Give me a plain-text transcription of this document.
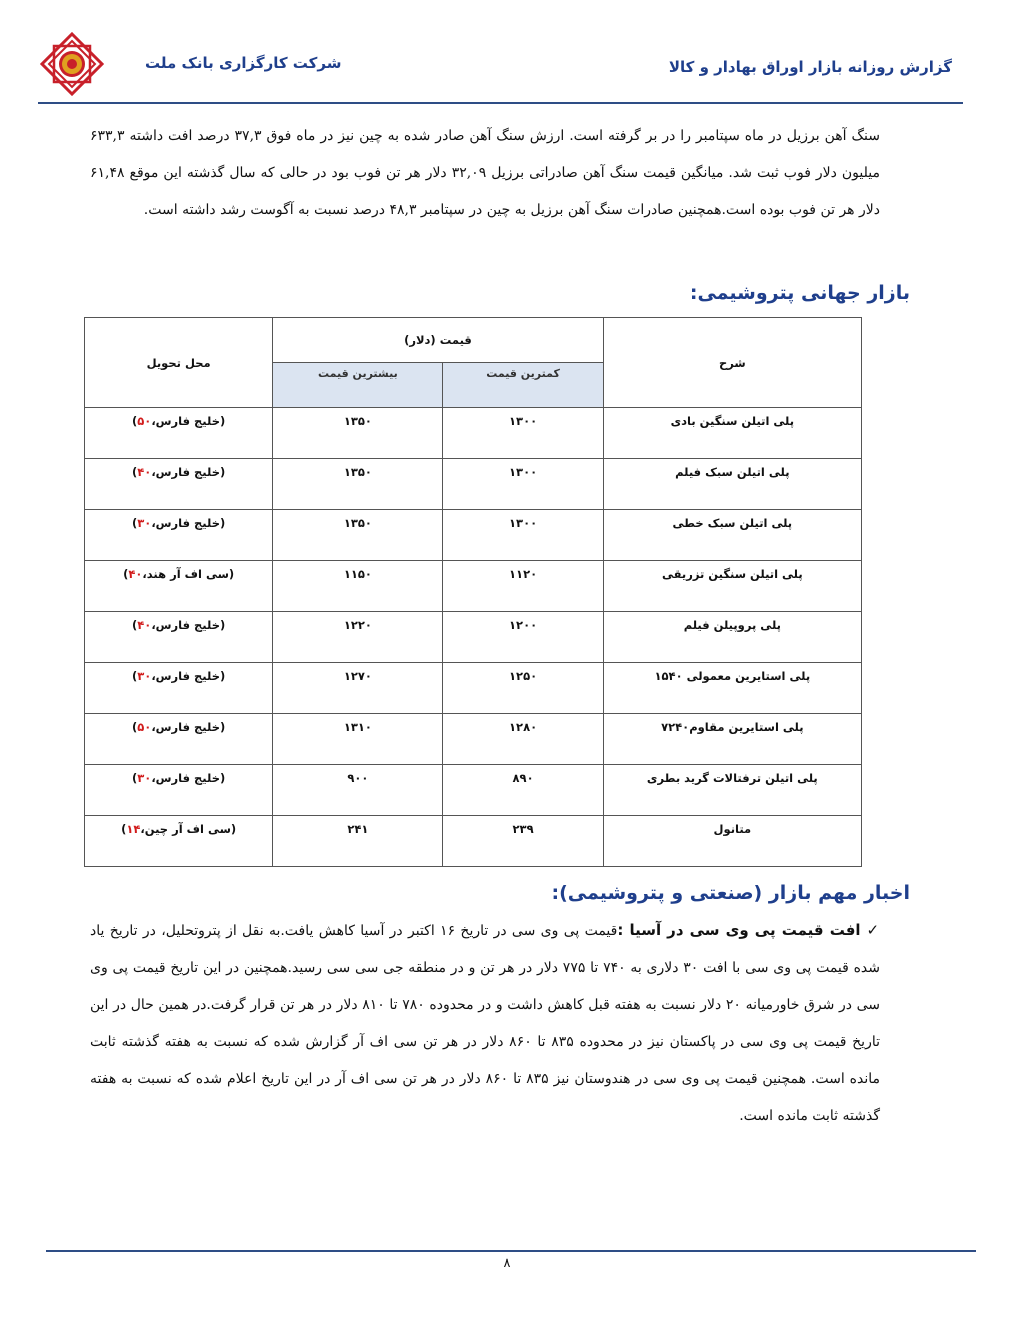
شرکت کارگزاری بانک ملت	گزارش روزانه بازار اوراق بهادار و کالا
سنگ آهن برزیل در ماه سپتامبر را در بر گرفته است. ارزش سنگ آهن صادر شده به چین نیز در ماه فوق ۳۷,۳ درصد افت داشته ۶۳۳,۳ میلیون دلار فوب ثبت شد. میانگین قیمت سنگ آهن صادراتی برزیل ۳۲,۰۹ دلار هر تن فوب بود در حالی که سال گذشته این موقع ۶۱,۴۸ دلار هر تن فوب بوده است.همچنین صادرات سنگ آهن برزیل به چین در سپتامبر ۴۸,۳ درصد نسبت به آگوست رشد داشته است.
بازار جهانی پتروشیمی:
شرح	قیمت (دلار)		محل تحویل
	کمترین قیمت	بیشترین قیمت	
پلی اتیلن سنگین بادی	۱۳۰۰	۱۳۵۰	(خلیج فارس،۵۰)
پلی اتیلن سبک فیلم	۱۳۰۰	۱۳۵۰	(خلیج فارس،۴۰)
پلی اتیلن سبک خطی	۱۳۰۰	۱۳۵۰	(خلیج فارس،۳۰)
پلی اتیلن سنگین تزریقی	۱۱۲۰	۱۱۵۰	(سی اف آر هند،۴۰)
پلی پروپیلن فیلم	۱۲۰۰	۱۲۲۰	(خلیج فارس،۴۰)
پلی استایرین معمولی ۱۵۴۰	۱۲۵۰	۱۲۷۰	(خلیج فارس،۳۰)
پلی استایرین مقاوم۷۲۴۰	۱۲۸۰	۱۳۱۰	(خلیج فارس،۵۰)
پلی اتیلن ترفتالات گرید بطری	۸۹۰	۹۰۰	(خلیج فارس،۳۰)
متانول	۲۳۹	۲۴۱	(سی اف آر چین،۱۴)
اخبار مهم بازار (صنعتی و پتروشیمی):
✓افت قیمت پی وی سی در آسیا :قیمت پی وی سی در تاریخ ۱۶ اکتبر در آسیا کاهش یافت.به نقل از پتروتحلیل، در تاریخ یاد شده قیمت پی وی سی با افت ۳۰ دلاری به ۷۴۰ تا ۷۷۵ دلار در هر تن و در منطقه جی سی سی رسید.همچنین در این تاریخ قیمت پی وی سی در شرق خاورمیانه ۲۰ دلار نسبت به هفته قبل کاهش داشت و در محدوده ۷۸۰ تا ۸۱۰ دلار در هر تن قرار گرفت.در همین حال در این تاریخ قیمت پی وی سی در پاکستان نیز در محدوده ۸۳۵ تا ۸۶۰ دلار در هر تن سی اف آر گزارش شده که نسبت به هفته گذشته ثابت مانده است. همچنین قیمت پی وی سی در هندوستان نیز ۸۳۵ تا ۸۶۰ دلار در هر تن سی اف آر در این تاریخ اعلام شده که نسبت به هفته گذشته ثابت مانده است.
۸
